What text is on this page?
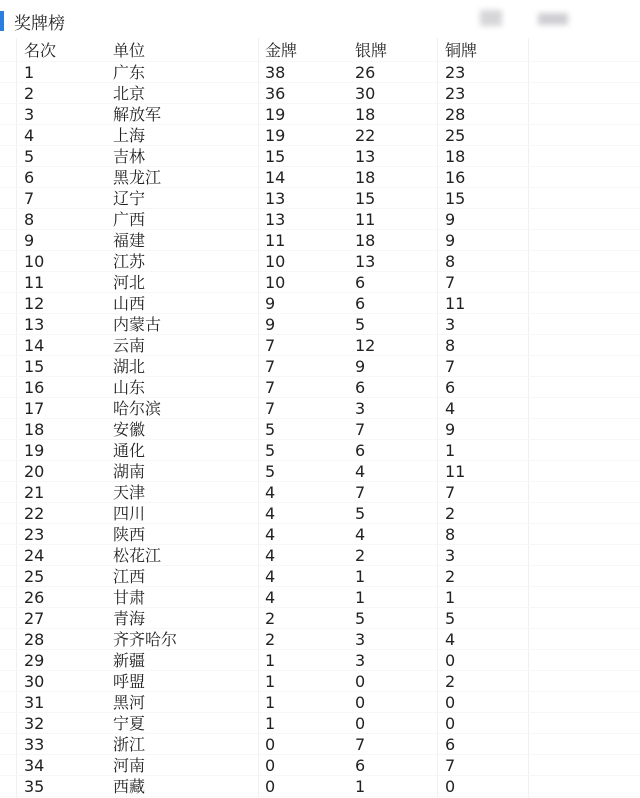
奖牌榜
名次	单位	金牌	银牌	铜牌
1	广东	38	26	23
2	北京	36	30	23
3	解放军	19	18	28
4	上海	19	22	25
5	吉林	15	13	18
6	黑龙江	14	18	16
7	辽宁	13	15	15
8	广西	13	11	9
9	福建	11	18	9
10	江苏	10	13	8
11	河北	10	6	7
12	山西	9	6	11
13	内蒙古	9	5	3
14	云南	7	12	8
15	湖北	7	9	7
16	山东	7	6	6
17	哈尔滨	7	3	4
18	安徽	5	7	9
19	通化	5	6	1
20	湖南	5	4	11
21	天津	4	7	7
22	四川	4	5	2
23	陕西	4	4	8
24	松花江	4	2	3
25	江西	4	1	2
26	甘肃	4	1	1
27	青海	2	5	5
28	齐齐哈尔	2	3	4
29	新疆	1	3	0
30	呼盟	1	0	2
31	黑河	1	0	0
32	宁夏	1	0	0
33	浙江	0	7	6
34	河南	0	6	7
35	西藏	0	1	0
